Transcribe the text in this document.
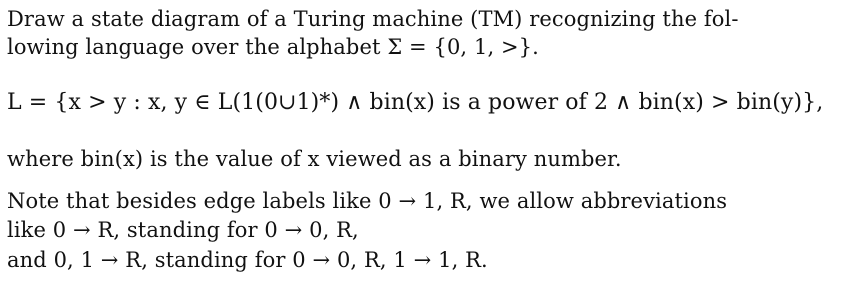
Draw a state diagram of a Turing machine (TM) recognizing the fol-
lowing language over the alphabet Σ = {0, 1, >}.
L = {x > y : x, y ∈ L(1(0∪1)*) ∧ bin(x) is a power of 2 ∧ bin(x) > bin(y)},
where bin(x) is the value of x viewed as a binary number.
Note that besides edge labels like 0 → 1, R, we allow abbreviations
like 0 → R, standing for 0 → 0, R,
and 0, 1 → R, standing for 0 → 0, R, 1 → 1, R.
